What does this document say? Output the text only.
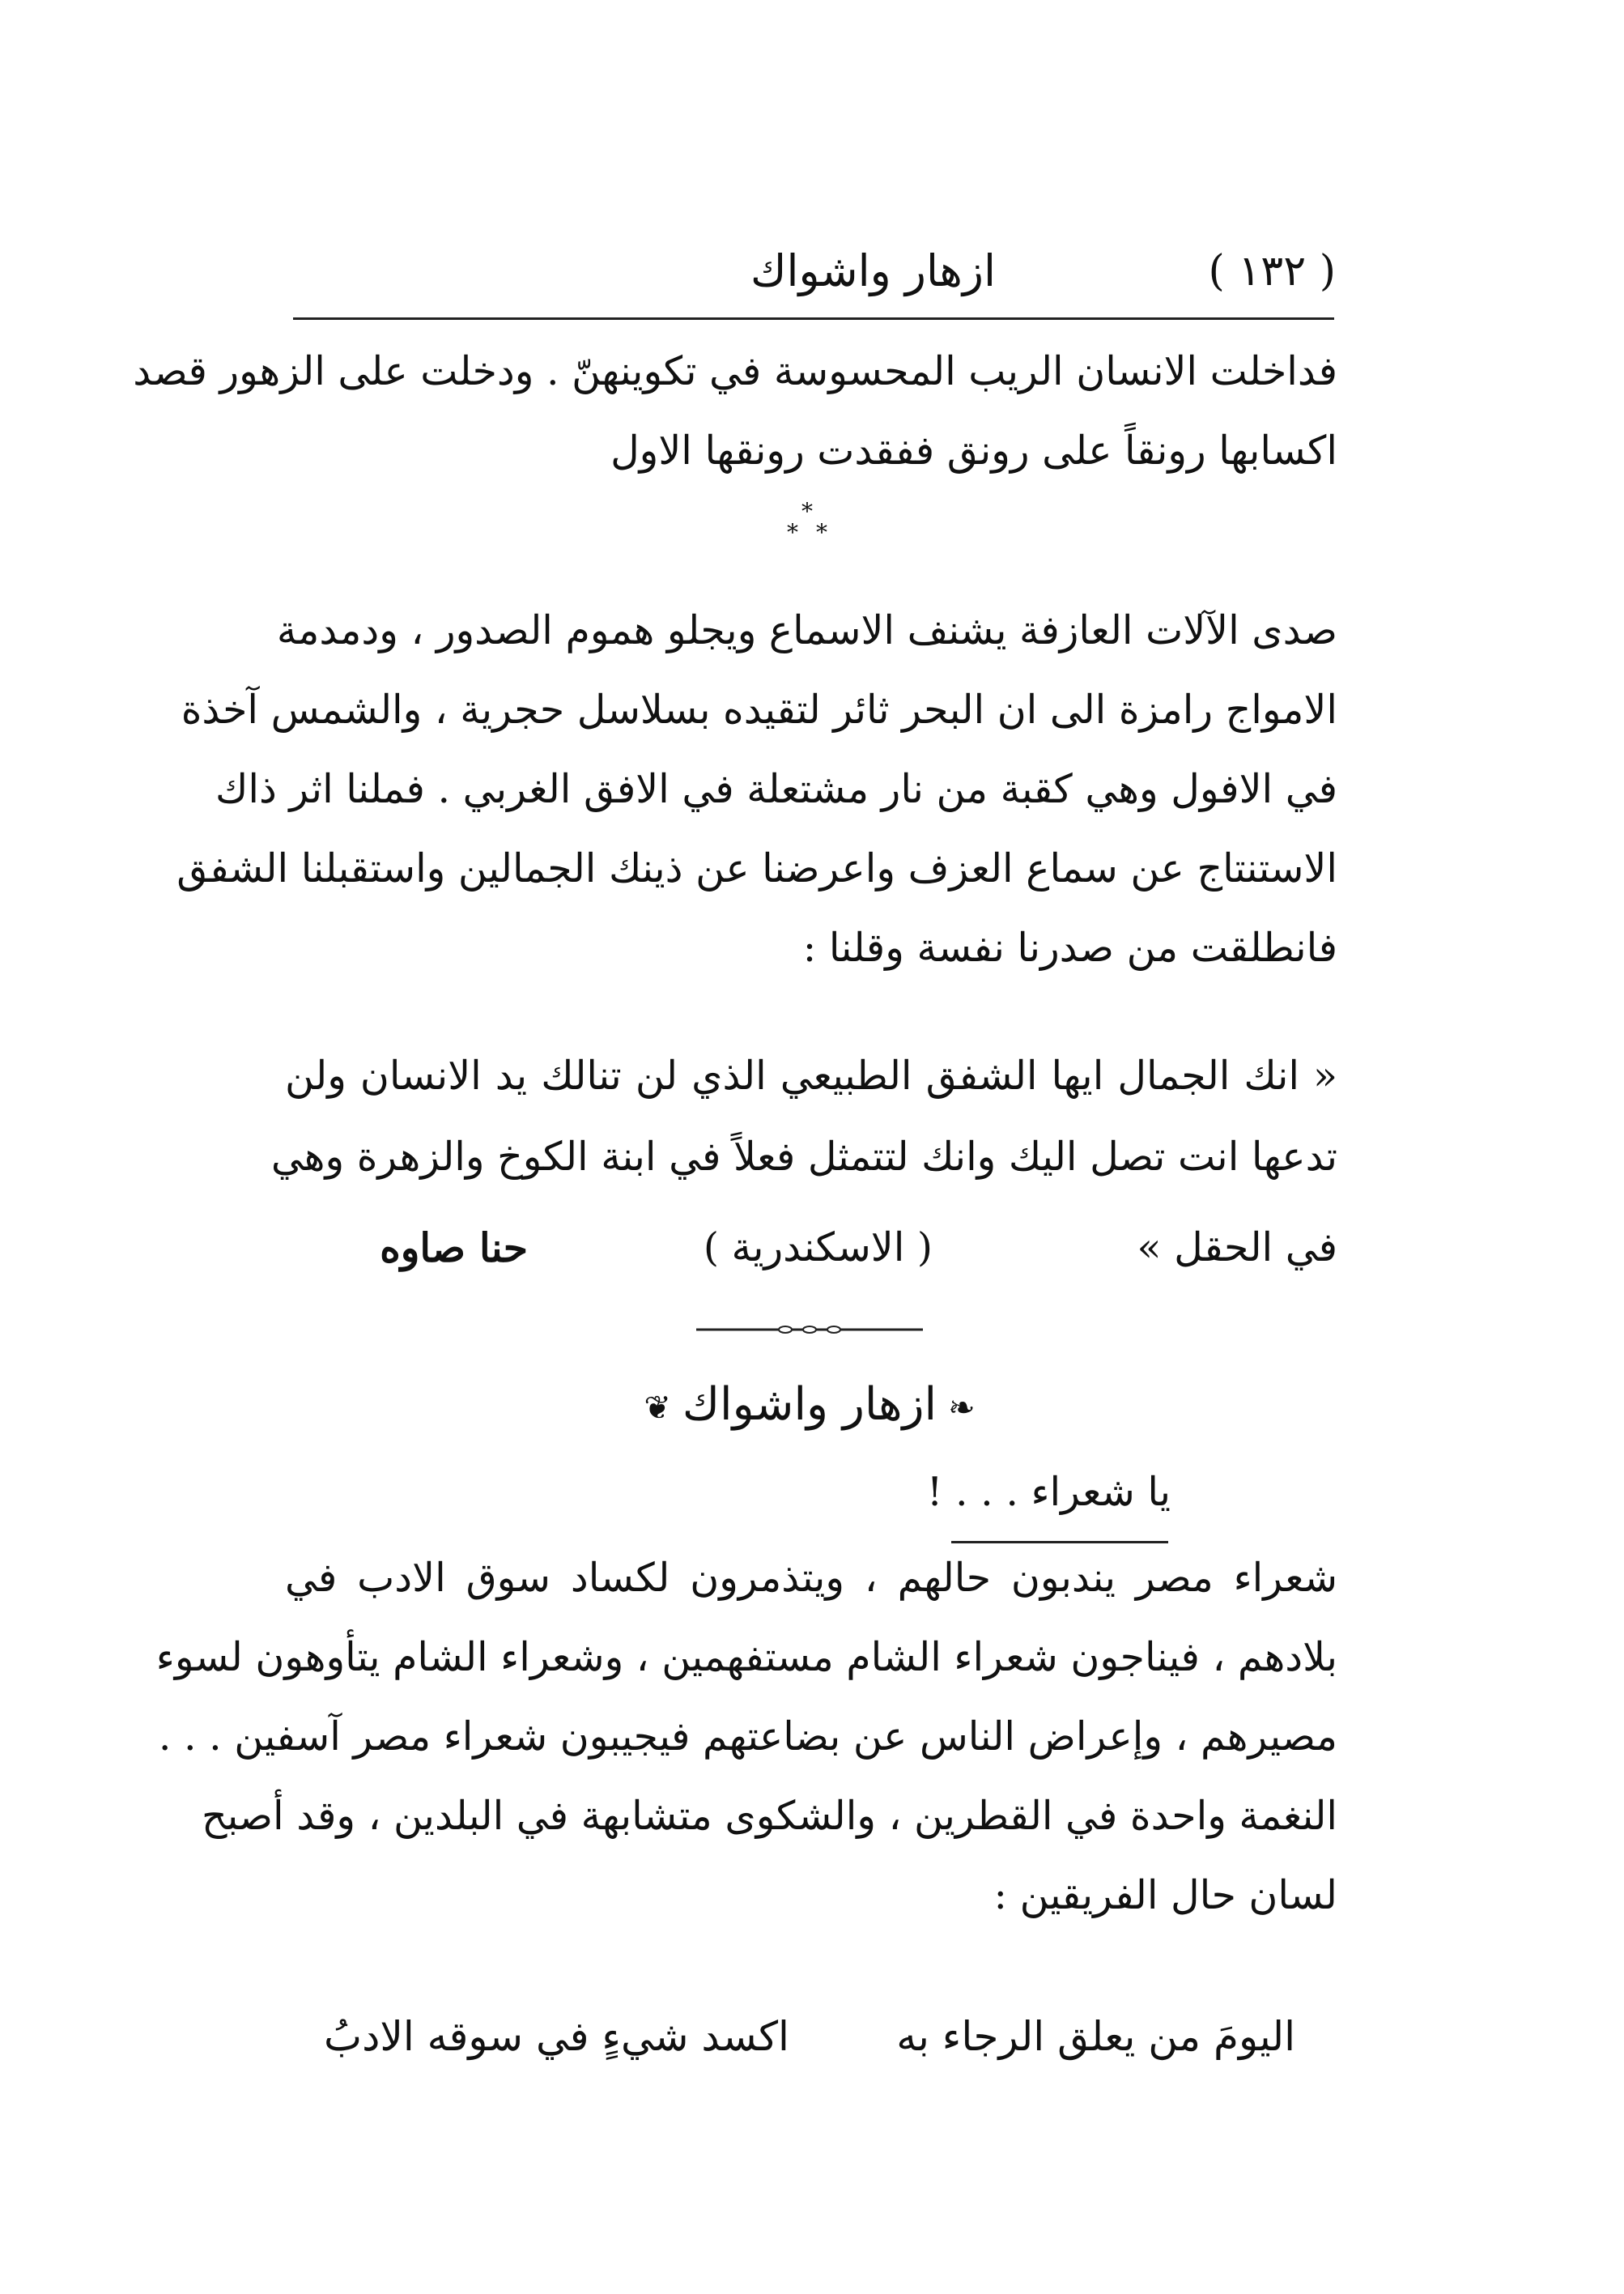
( ١٣٢ )
ازهار واشواك
فداخلت الانسان الريب المحسوسة في تكوينهنّ . ودخلت على الزهور قصد
اكسابها رونقاً على رونق ففقدت رونقها الاول
*
* *
صدى الآلات العازفة يشنف الاسماع ويجلو هموم الصدور ، ودمدمة
الامواج رامزة الى ان البحر ثائر لتقيده بسلاسل حجرية ، والشمس آخذة
في الافول وهي كقبة من نار مشتعلة في الافق الغربي . فملنا اثر ذاك
الاستنتاج عن سماع العزف واعرضنا عن ذينك الجمالين واستقبلنا الشفق
فانطلقت من صدرنا نفسة وقلنا :
« انك الجمال ايها الشفق الطبيعي الذي لن تنالك يد الانسان ولن
تدعها انت تصل اليك وانك لتتمثل فعلاً في ابنة الكوخ والزهرة وهي
في الحقل »
( الاسكندرية )
حنا صاوه
❧ازهار واشواك❦
يا شعراء . . . !
شعراء مصر يندبون حالهم ، ويتذمرون لكساد سوق الادب في
بلادهم ، فيناجون شعراء الشام مستفهمين ، وشعراء الشام يتأوهون لسوء
مصيرهم ، وإعراض الناس عن بضاعتهم فيجيبون شعراء مصر آسفين . . .
النغمة واحدة في القطرين ، والشكوى متشابهة في البلدين ، وقد أصبح
لسان حال الفريقين :
اليومَ من يعلق الرجاء به
اكسد شيءٍ في سوقه الادبُ
